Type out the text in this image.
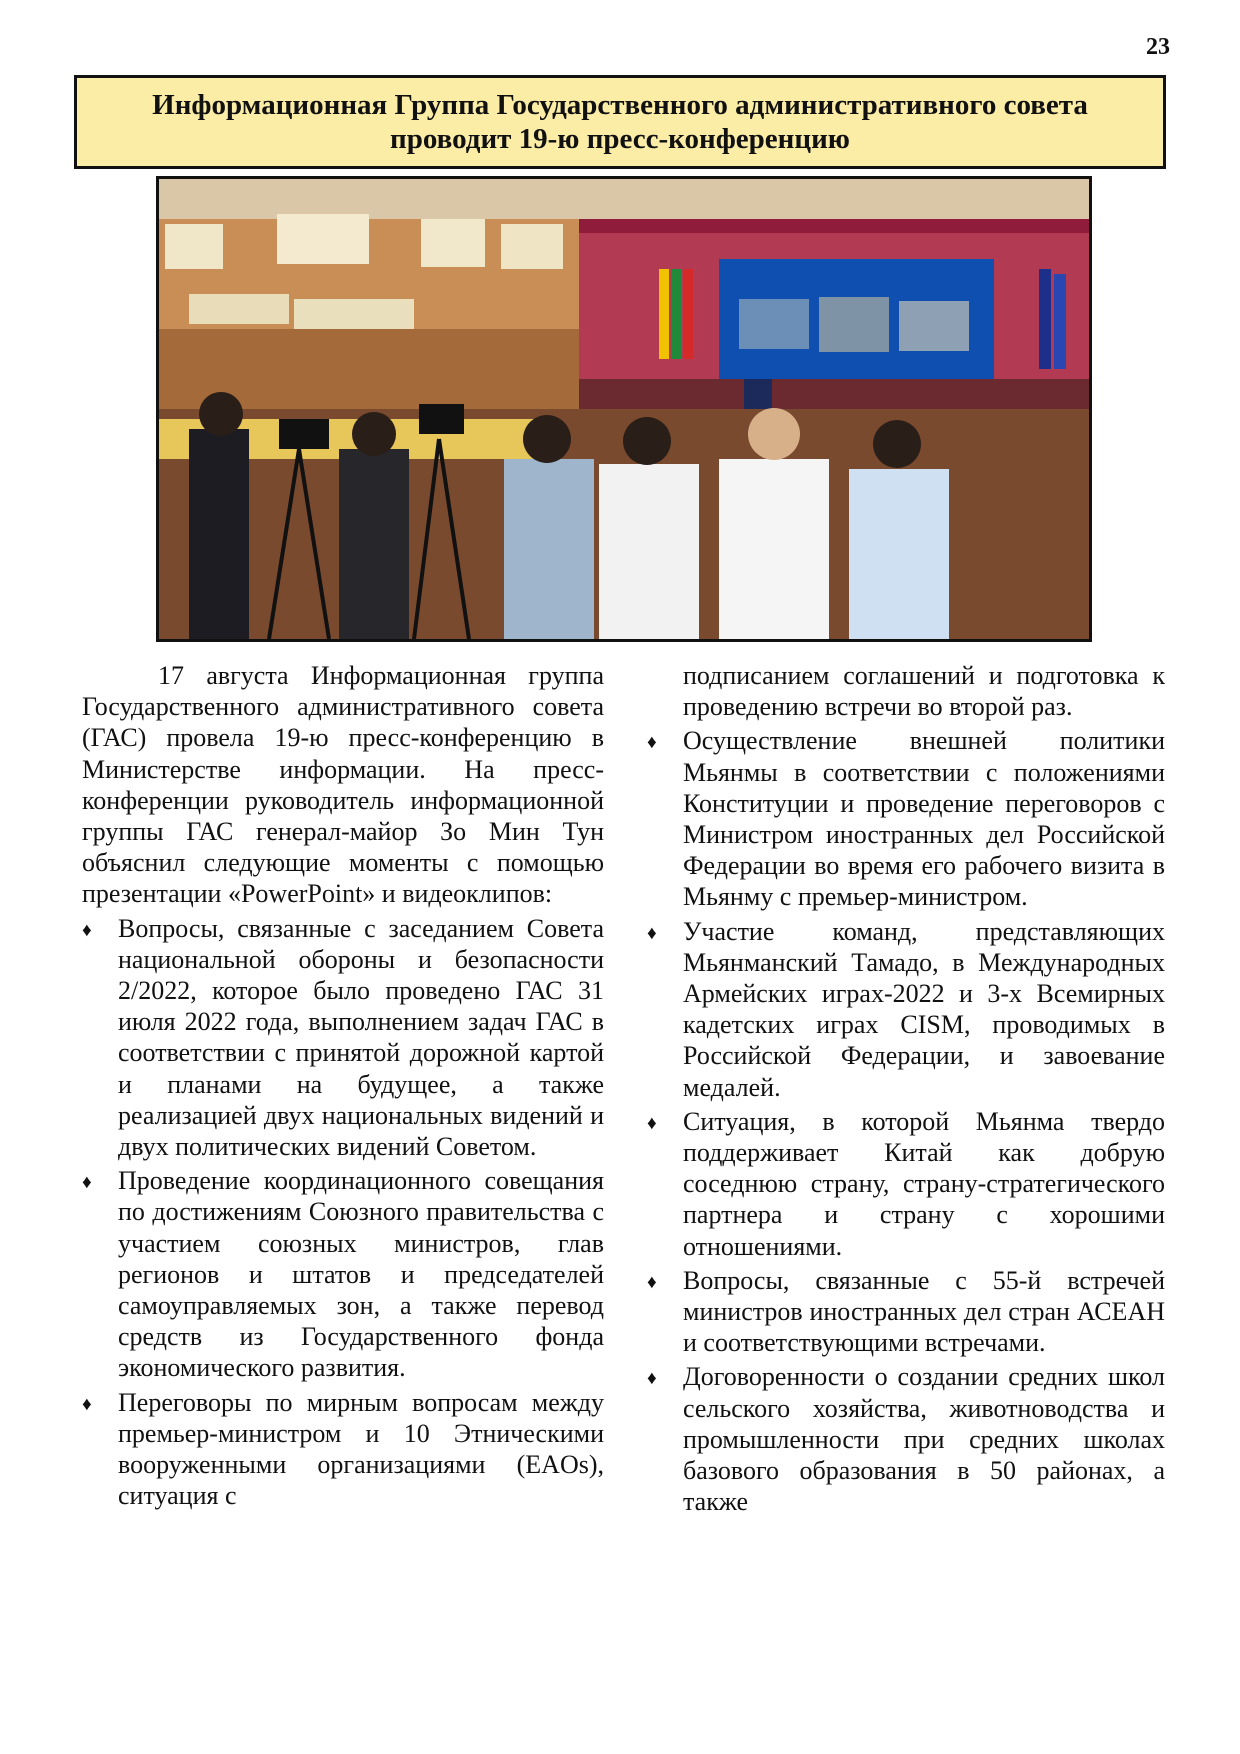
23
Информационная Группа Государственного административного совета
проводит 19-ю пресс-конференцию

17 августа Информационная группа Государственного административного совета (ГАС) провела 19-ю пресс-конференцию в Министерстве информации. На пресс-конференции руководитель информационной группы ГАС генерал-майор Зо Мин Тун объяснил следующие моменты с помощью презентации «PowerPoint» и видеоклипов:

♦ Вопросы, связанные с заседанием Совета национальной обороны и безопасности 2/2022, которое было проведено ГАС 31 июля 2022 года, выполнением задач ГАС в соответствии с принятой дорожной картой и планами на будущее, а также реализацией двух национальных видений и двух политических видений Советом.
♦ Проведение координационного совещания по достижениям Союзного правительства с участием союзных министров, глав регионов и штатов и председателей самоуправляемых зон, а также перевод средств из Государственного фонда экономического развития.
♦ Переговоры по мирным вопросам между премьер-министром и 10 Этническими вооруженными организациями (EAOs), ситуация с

подписанием соглашений и подготовка к проведению встречи во второй раз.

♦ Осуществление внешней политики Мьянмы в соответствии с положениями Конституции и проведение переговоров с Министром иностранных дел Российской Федерации во время его рабочего визита в Мьянму с премьер-министром.
♦ Участие команд, представляющих Мьянманский Тамадо, в Международных Армейских играх-2022 и 3-х Всемирных кадетских играх CISM, проводимых в Российской Федерации, и завоевание медалей.
♦ Ситуация, в которой Мьянма твердо поддерживает Китай как добрую соседнюю страну, страну-стратегического партнера и страну с хорошими отношениями.
♦ Вопросы, связанные с 55-й встречей министров иностранных дел стран АСЕАН и соответствующими встречами.
♦ Договоренности о создании средних школ сельского хозяйства, животноводства и промышленности при средних школах базового образования в 50 районах, а также
